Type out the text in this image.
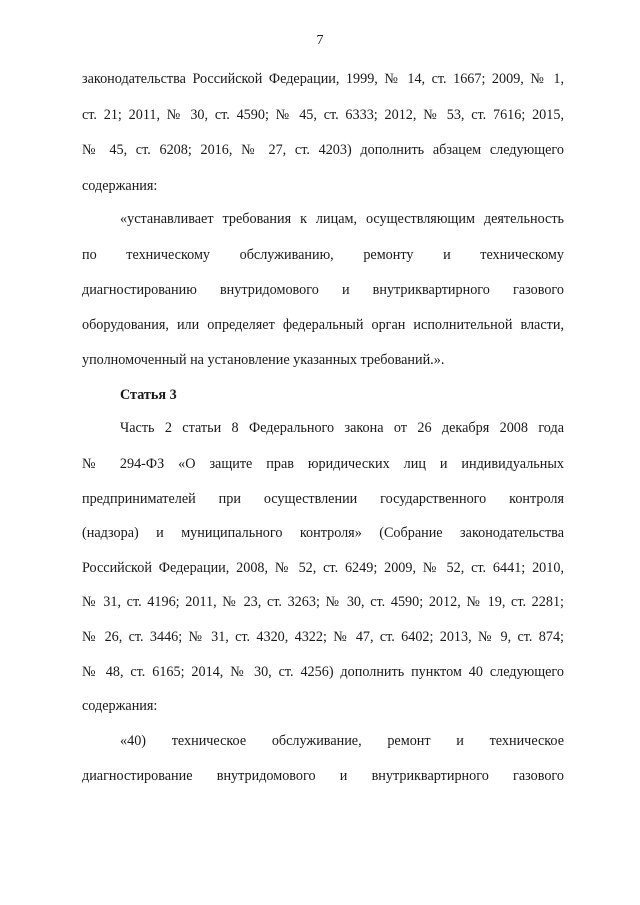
7
законодательства Российской Федерации, 1999, № 14, ст. 1667; 2009, № 1,
ст. 21; 2011, № 30, ст. 4590; № 45, ст. 6333; 2012, № 53, ст. 7616; 2015,
№ 45, ст. 6208; 2016, № 27, ст. 4203) дополнить абзацем следующего
содержания:
«устанавливает требования к лицам, осуществляющим деятельность
по техническому обслуживанию, ремонту и техническому
диагностированию внутридомового и внутриквартирного газового
оборудования, или определяет федеральный орган исполнительной власти,
уполномоченный на установление указанных требований.».
Статья 3
Часть 2 статьи 8 Федерального закона от 26 декабря 2008 года
№ 294-ФЗ «О защите прав юридических лиц и индивидуальных
предпринимателей при осуществлении государственного контроля
(надзора) и муниципального контроля» (Собрание законодательства
Российской Федерации, 2008, № 52, ст. 6249; 2009, № 52, ст. 6441; 2010,
№ 31, ст. 4196; 2011, № 23, ст. 3263; № 30, ст. 4590; 2012, № 19, ст. 2281;
№ 26, ст. 3446; № 31, ст. 4320, 4322; № 47, ст. 6402; 2013, № 9, ст. 874;
№ 48, ст. 6165; 2014, № 30, ст. 4256) дополнить пунктом 40 следующего
содержания:
«40) техническое обслуживание, ремонт и техническое
диагностирование внутридомового и внутриквартирного газового
